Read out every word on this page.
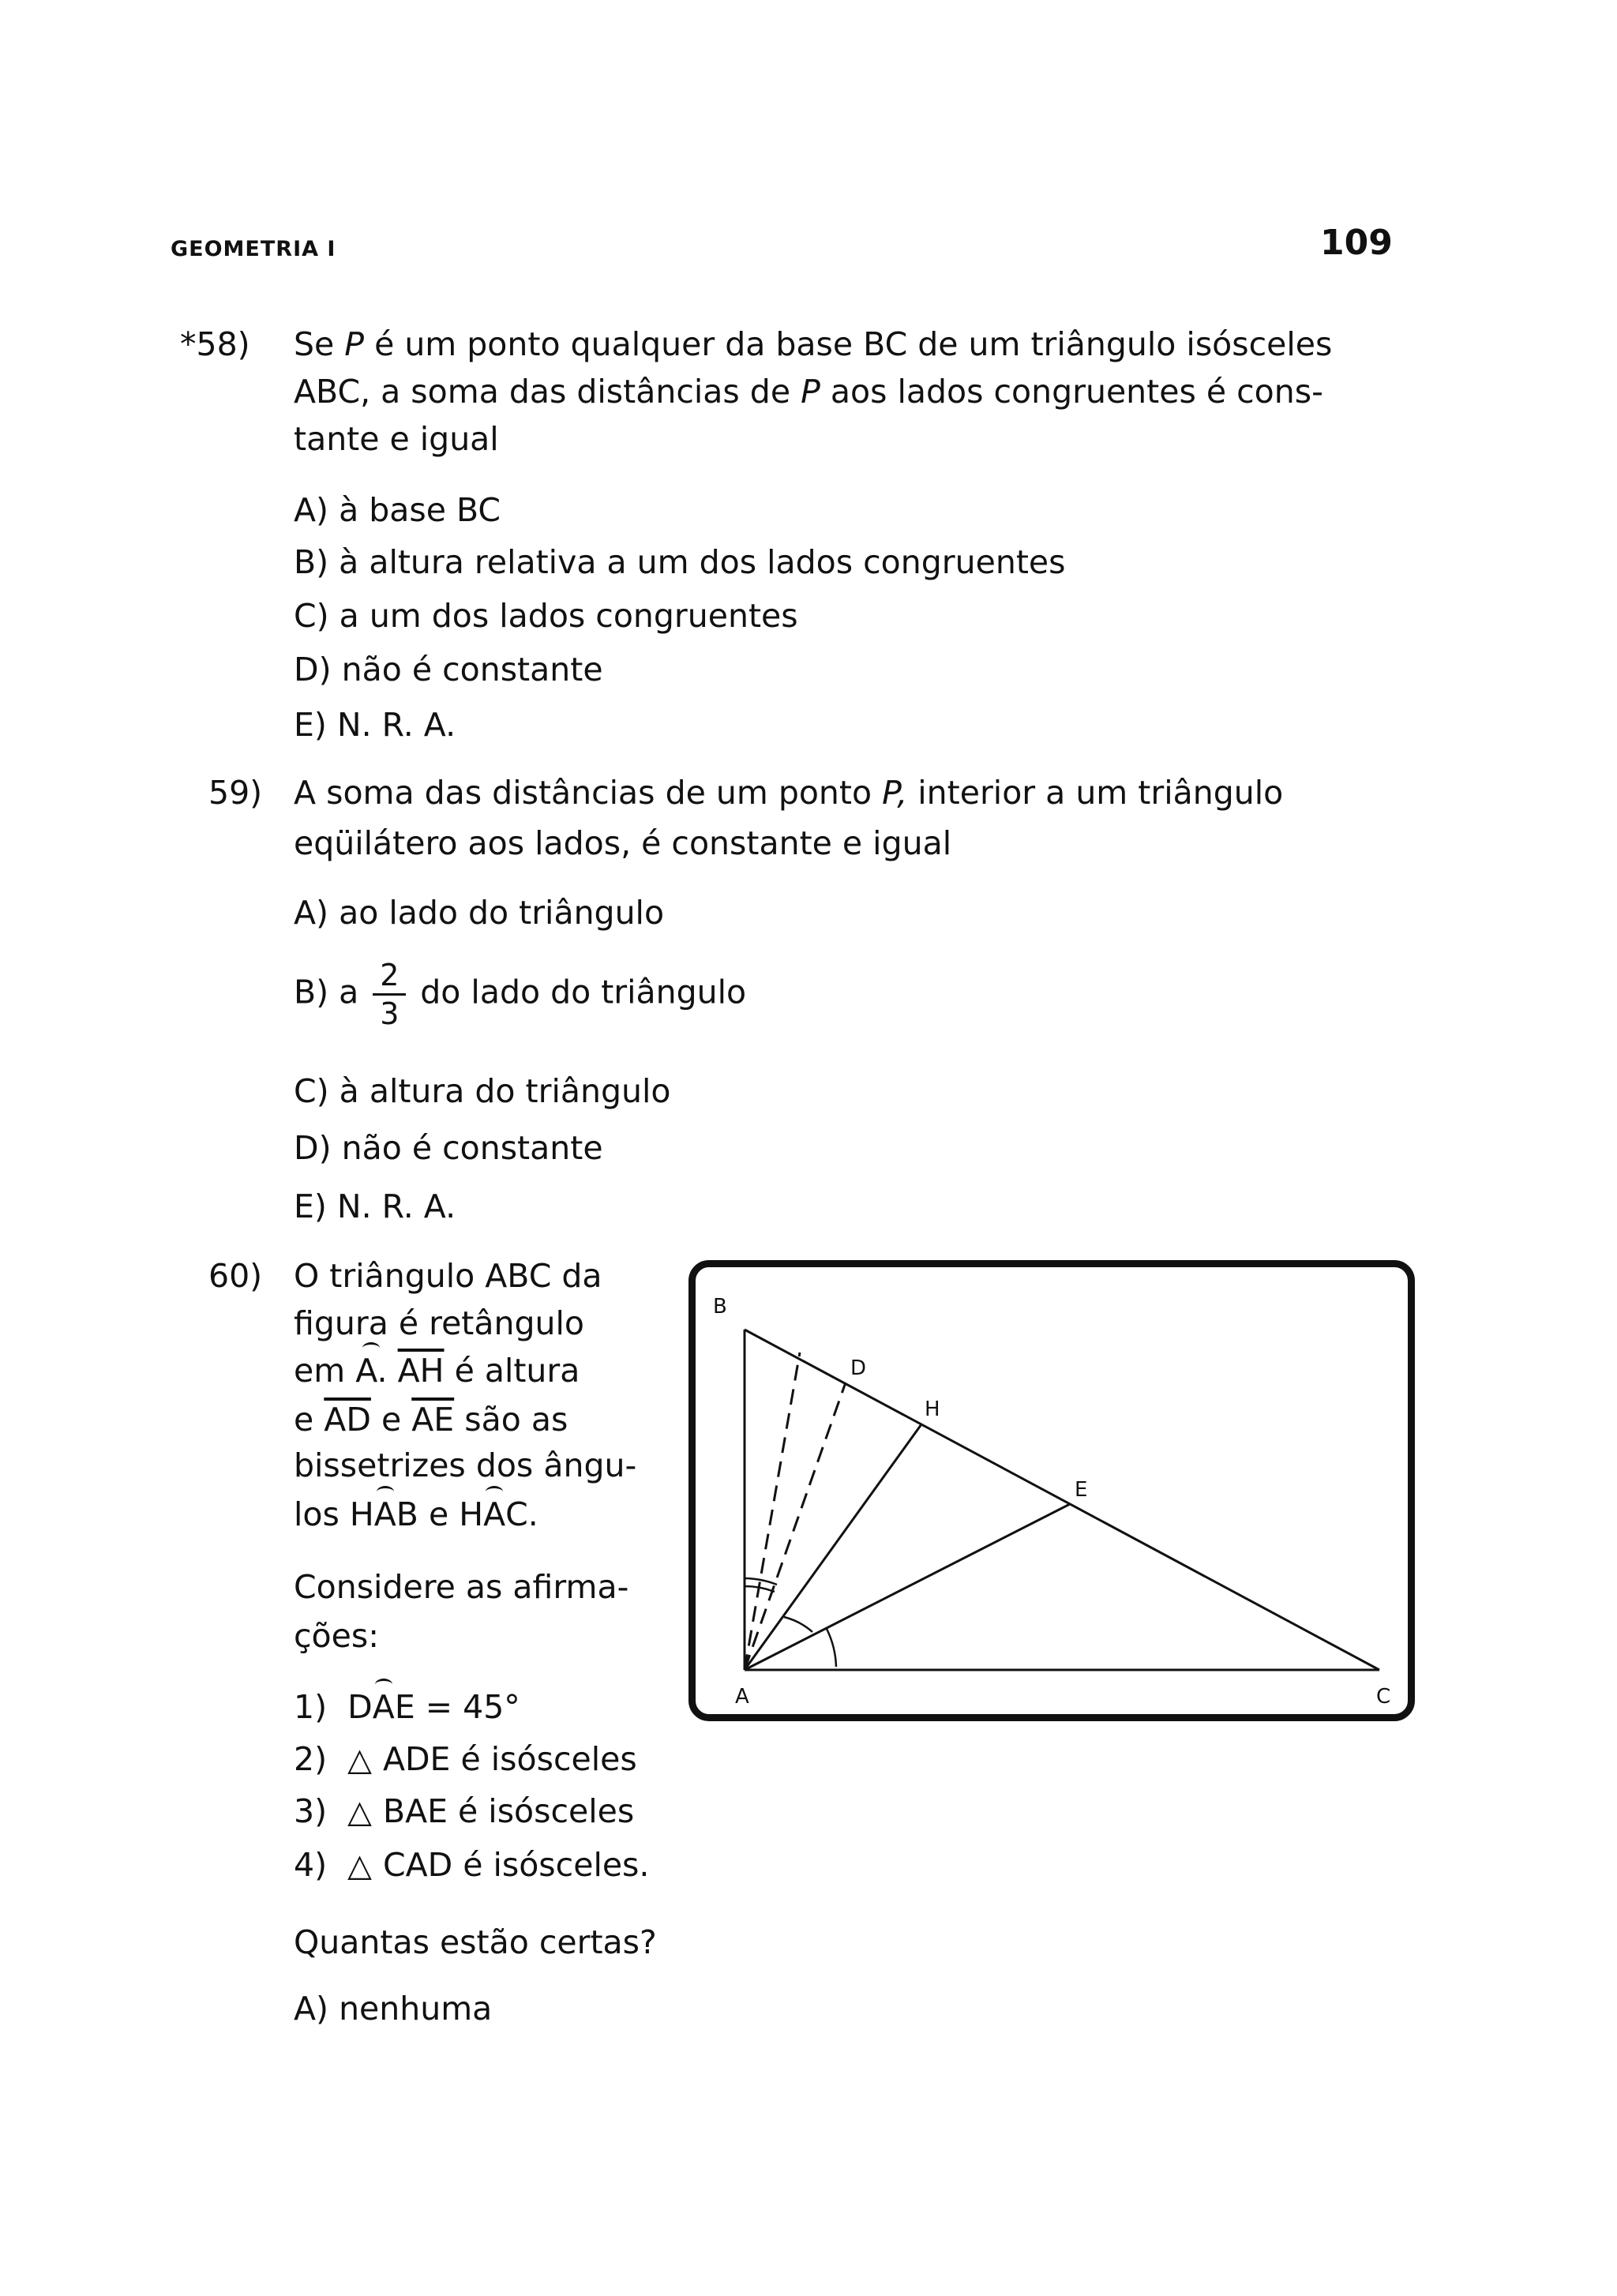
GEOMETRIA I	109
*58) Se P é um ponto qualquer da base BC de um triângulo isósceles
ABC, a soma das distâncias de P aos lados congruentes é cons-
tante e igual
A) à base BC
B) à altura relativa a um dos lados congruentes
C) a um dos lados congruentes
D) não é constante
E) N. R. A.
59) A soma das distâncias de um ponto P, interior a um triângulo
eqüilátero aos lados, é constante e igual
A) ao lado do triângulo
B) a $\frac{2}{3}$ do lado do triângulo
C) à altura do triângulo
D) não é constante
E) N. R. A.
60) O triângulo ABC da
figura é retângulo
em A. $\overline{AH}$ é altura
e $\overline{AD}$ e $\overline{AE}$ são as
bissetrizes dos ângu-
los HAB e HAC.
Considere as afirma-
ções:
1) DAE = 45°
2) △ ADE é isósceles
3) △ BAE é isósceles
4) △ CAD é isósceles.
Quantas estão certas?
A) nenhuma
B
D
H
E
A	C
